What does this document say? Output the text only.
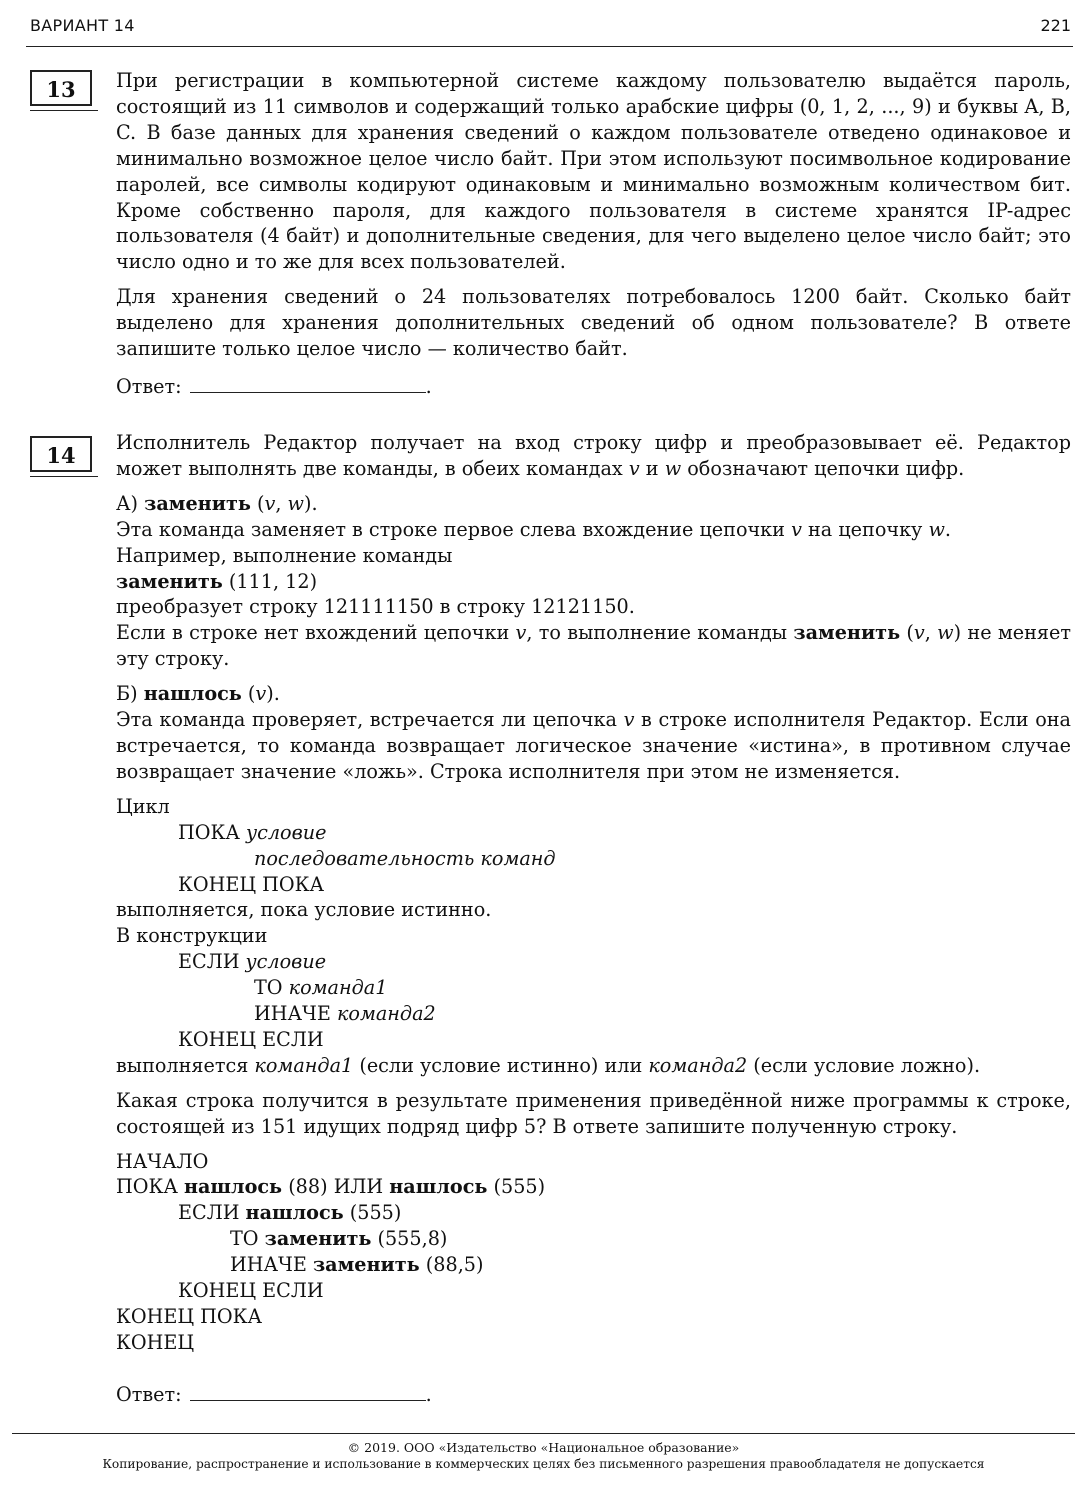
ВАРИАНТ 14	221
13	При регистрации в компьютерной системе каждому пользователю выдаётся пароль, состоящий из 11 символов и содержащий только арабские цифры (0, 1, 2, ..., 9) и буквы A, B, C. В базе данных для хранения сведений о каждом пользователе отведено одинаковое и минимально возможное целое число байт. При этом используют посимвольное кодирование паролей, все символы кодируют одинаковым и минимально возможным количеством бит. Кроме собственно пароля, для каждого пользователя в системе хранятся IP-адрес пользователя (4 байт) и дополнительные сведения, для чего выделено целое число байт; это число одно и то же для всех пользователей.

Для хранения сведений о 24 пользователях потребовалось 1200 байт. Сколько байт выделено для хранения дополнительных сведений об одном пользователе? В ответе запишите только целое число — количество байт.

Ответ:	.
14

Исполнитель Редактор получает на вход строку цифр и преобразовывает её. Редактор может выполнять две команды, в обеих командах v и w обозначают цепочки цифр.

А) заменить (v, w).
Эта команда заменяет в строке первое слева вхождение цепочки v на цепочку w.
Например, выполнение команды
заменить (111, 12)
преобразует строку 121111150 в строку 12121150.

Если в строке нет вхождений цепочки v, то выполнение команды заменить (v, w) не меняет эту строку.

Б) нашлось (v).

Эта команда проверяет, встречается ли цепочка v в строке исполнителя Редактор. Если она встречается, то команда возвращает логическое значение «истина», в противном случае возвращает значение «ложь». Строка исполнителя при этом не изменяется.

Цикл
ПОКА условие
последовательность команд
КОНЕЦ ПОКА
выполняется, пока условие истинно.
В конструкции
ЕСЛИ условие
ТО команда1
ИНАЧЕ команда2
КОНЕЦ ЕСЛИ
выполняется команда1 (если условие истинно) или команда2 (если условие ложно).

Какая строка получится в результате применения приведённой ниже программы к строке, состоящей из 151 идущих подряд цифр 5? В ответе запишите полученную строку.

НАЧАЛО
ПОКА нашлось (88) ИЛИ нашлось (555)
ЕСЛИ нашлось (555)
ТО заменить (555,8)
ИНАЧЕ заменить (88,5)
КОНЕЦ ЕСЛИ
КОНЕЦ ПОКА
КОНЕЦ
Ответ:	.
© 2019. ООО «Издательство «Национальное образование»
Копирование, распространение и использование в коммерческих целях без письменного разрешения правообладателя не допускается
